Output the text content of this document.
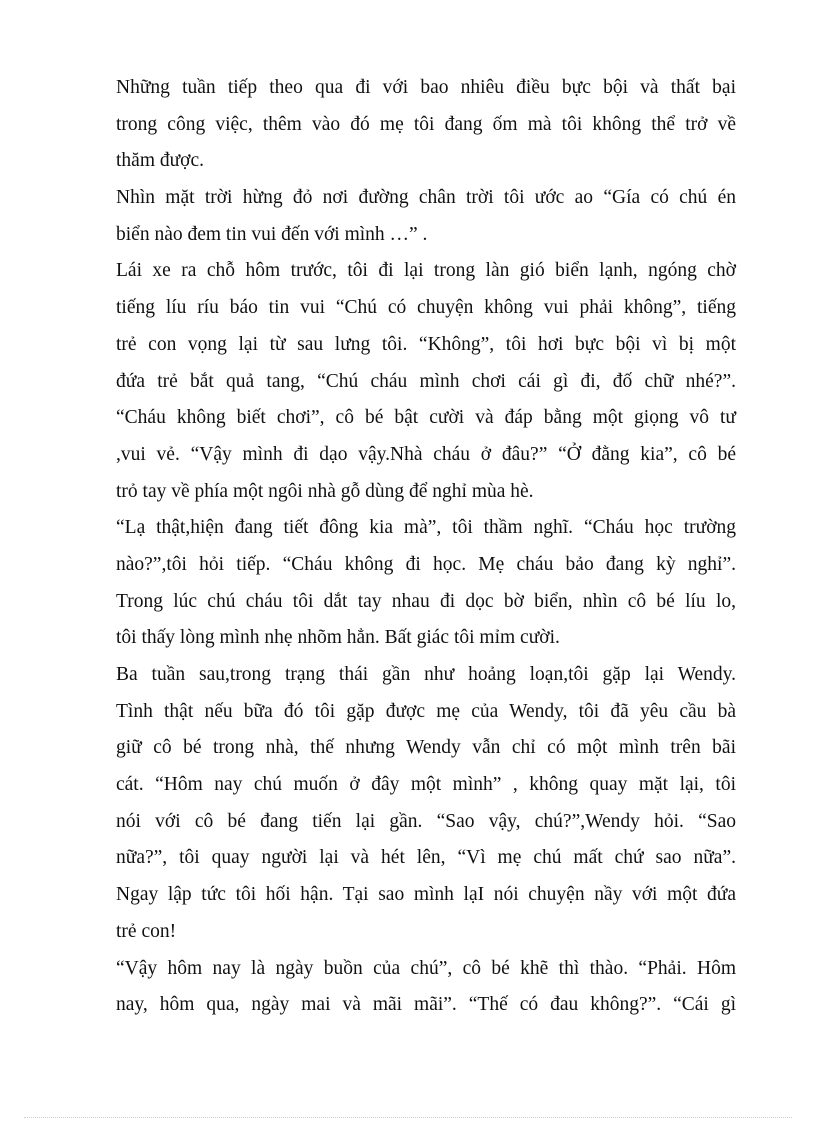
Những tuần tiếp theo qua đi với bao nhiêu điều bực bội và thất bại
trong công việc, thêm vào đó mẹ tôi đang ốm mà tôi không thể trở về
thăm được.
Nhìn mặt trời hừng đỏ nơi đường chân trời tôi ước ao “Gía có chú én
biển nào đem tin vui đến với mình …” .
Lái xe ra chỗ hôm trước, tôi đi lại trong làn gió biển lạnh, ngóng chờ
tiếng líu ríu báo tin vui “Chú có chuyện không vui phải không”, tiếng
trẻ con vọng lại từ sau lưng tôi. “Không”, tôi hơi bực bội vì bị một
đứa trẻ bắt quả tang, “Chú cháu mình chơi cái gì đi, đố chữ nhé?”.
“Cháu không biết chơi”, cô bé bật cười và đáp bằng một giọng vô tư
,vui vẻ. “Vậy mình đi dạo vậy.Nhà cháu ở đâu?” “Ở đằng kia”, cô bé
trỏ tay về phía một ngôi nhà gỗ dùng để nghỉ mùa hè.
“Lạ thật,hiện đang tiết đông kia mà”, tôi thầm nghĩ. “Cháu học trường
nào?”,tôi hỏi tiếp. “Cháu không đi học. Mẹ cháu bảo đang kỳ nghỉ”.
Trong lúc chú cháu tôi dắt tay nhau đi dọc bờ biển, nhìn cô bé líu lo,
tôi thấy lòng mình nhẹ nhõm hẳn. Bất giác tôi mỉm cười.
Ba tuần sau,trong trạng thái gần như hoảng loạn,tôi gặp lại Wendy.
Tình thật nếu bữa đó tôi gặp được mẹ của Wendy, tôi đã yêu cầu bà
giữ cô bé trong nhà, thế nhưng Wendy vẫn chỉ có một mình trên bãi
cát. “Hôm nay chú muốn ở đây một mình” , không quay mặt lại, tôi
nói với cô bé đang tiến lại gần. “Sao vậy, chú?”,Wendy hỏi. “Sao
nữa?”, tôi quay người lại và hét lên, “Vì mẹ chú mất chứ sao nữa”.
Ngay lập tức tôi hối hận. Tại sao mình lạI nói chuyện nầy với một đứa
trẻ con!
“Vậy hôm nay là ngày buồn của chú”, cô bé khẽ thì thào. “Phải. Hôm
nay, hôm qua, ngày mai và mãi mãi”. “Thế có đau không?”. “Cái gì
